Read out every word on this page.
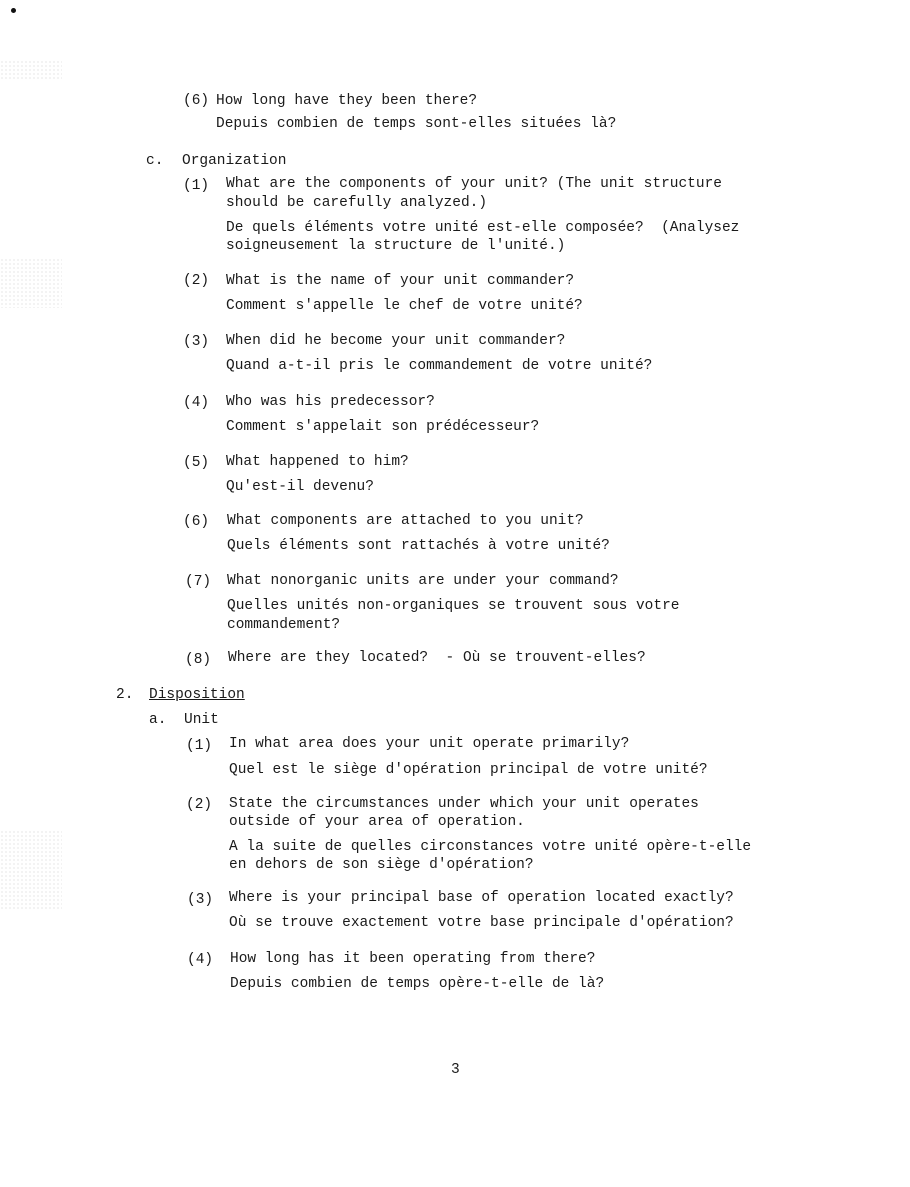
(6) How long have they been there?
Depuis combien de temps sont-elles situées là?
c. Organization
(1) What are the components of your unit? (The unit structure
should be carefully analyzed.)
De quels éléments votre unité est-elle composée?  (Analysez
soigneusement la structure de l'unité.)
(2) What is the name of your unit commander?
Comment s'appelle le chef de votre unité?
(3) When did he become your unit commander?
Quand a-t-il pris le commandement de votre unité?
(4) Who was his predecessor?
Comment s'appelait son prédécesseur?
(5) What happened to him?
Qu'est-il devenu?
(6) What components are attached to you unit?
Quels éléments sont rattachés à votre unité?
(7) What nonorganic units are under your command?
Quelles unités non-organiques se trouvent sous votre
commandement?
(8) Where are they located?  - Où se trouvent-elles?
2. Disposition
a. Unit
(1) In what area does your unit operate primarily?
Quel est le siège d'opération principal de votre unité?
(2) State the circumstances under which your unit operates
outside of your area of operation.
A la suite de quelles circonstances votre unité opère-t-elle
en dehors de son siège d'opération?
(3) Where is your principal base of operation located exactly?
Où se trouve exactement votre base principale d'opération?
(4) How long has it been operating from there?
Depuis combien de temps opère-t-elle de là?
3
